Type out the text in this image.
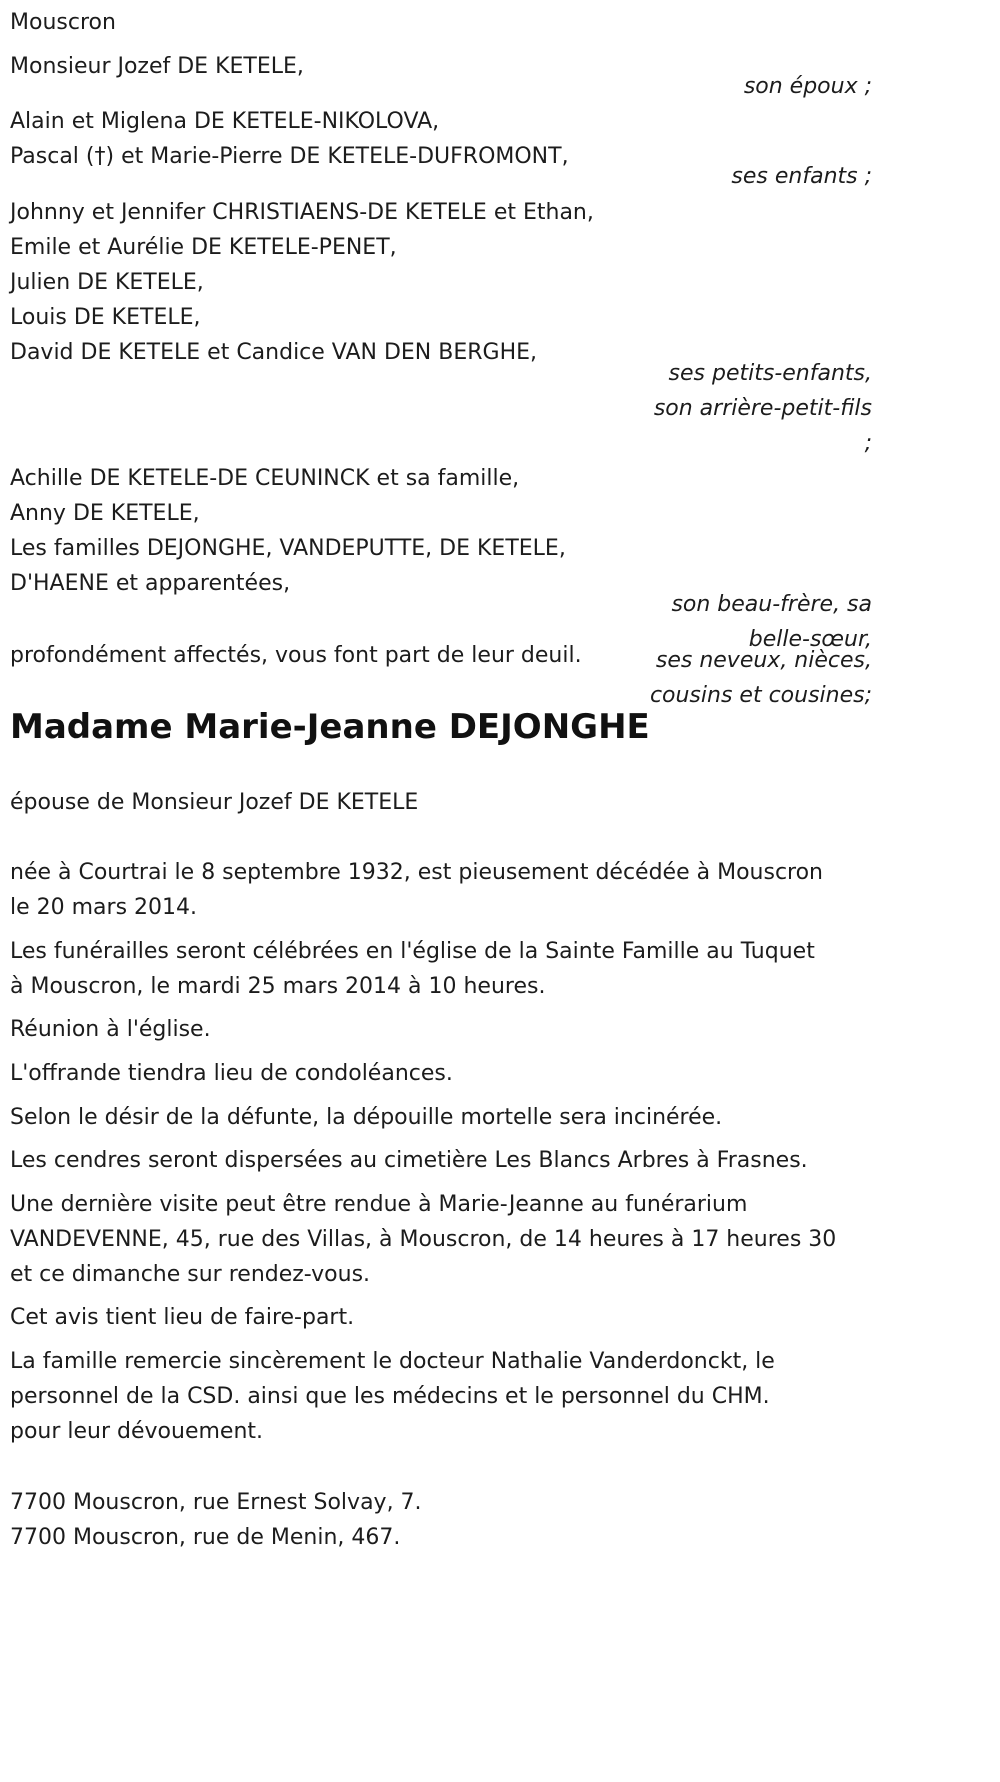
Mouscron
Monsieur Jozef DE KETELE,
son époux ;
Alain et Miglena DE KETELE-NIKOLOVA,
Pascal (†) et Marie-Pierre DE KETELE-DUFROMONT,
ses enfants ;
Johnny et Jennifer CHRISTIAENS-DE KETELE et Ethan,
Emile et Aurélie DE KETELE-PENET,
Julien DE KETELE,
Louis DE KETELE,
David DE KETELE et Candice VAN DEN BERGHE,
ses petits-enfants,
son arrière-petit-fils
;
Achille DE KETELE-DE CEUNINCK et sa famille,
Anny DE KETELE,
Les familles DEJONGHE, VANDEPUTTE, DE KETELE,
D'HAENE et apparentées,
son beau-frère, sa
belle-sœur,
ses neveux, nièces,
cousins et cousines;
profondément affectés, vous font part de leur deuil.
Madame Marie-Jeanne DEJONGHE
épouse de Monsieur Jozef DE KETELE
née à Courtrai le 8 septembre 1932, est pieusement décédée à Mouscron
le 20 mars 2014.
Les funérailles seront célébrées en l'église de la Sainte Famille au Tuquet
à Mouscron, le mardi 25 mars 2014 à 10 heures.
Réunion à l'église.
L'offrande tiendra lieu de condoléances.
Selon le désir de la défunte, la dépouille mortelle sera incinérée.
Les cendres seront dispersées au cimetière Les Blancs Arbres à Frasnes.
Une dernière visite peut être rendue à Marie-Jeanne au funérarium
VANDEVENNE, 45, rue des Villas, à Mouscron, de 14 heures à 17 heures 30
et ce dimanche sur rendez-vous.
Cet avis tient lieu de faire-part.
La famille remercie sincèrement le docteur Nathalie Vanderdonckt, le
personnel de la CSD. ainsi que les médecins et le personnel du CHM.
pour leur dévouement.
7700 Mouscron, rue Ernest Solvay, 7.
7700 Mouscron, rue de Menin, 467.
